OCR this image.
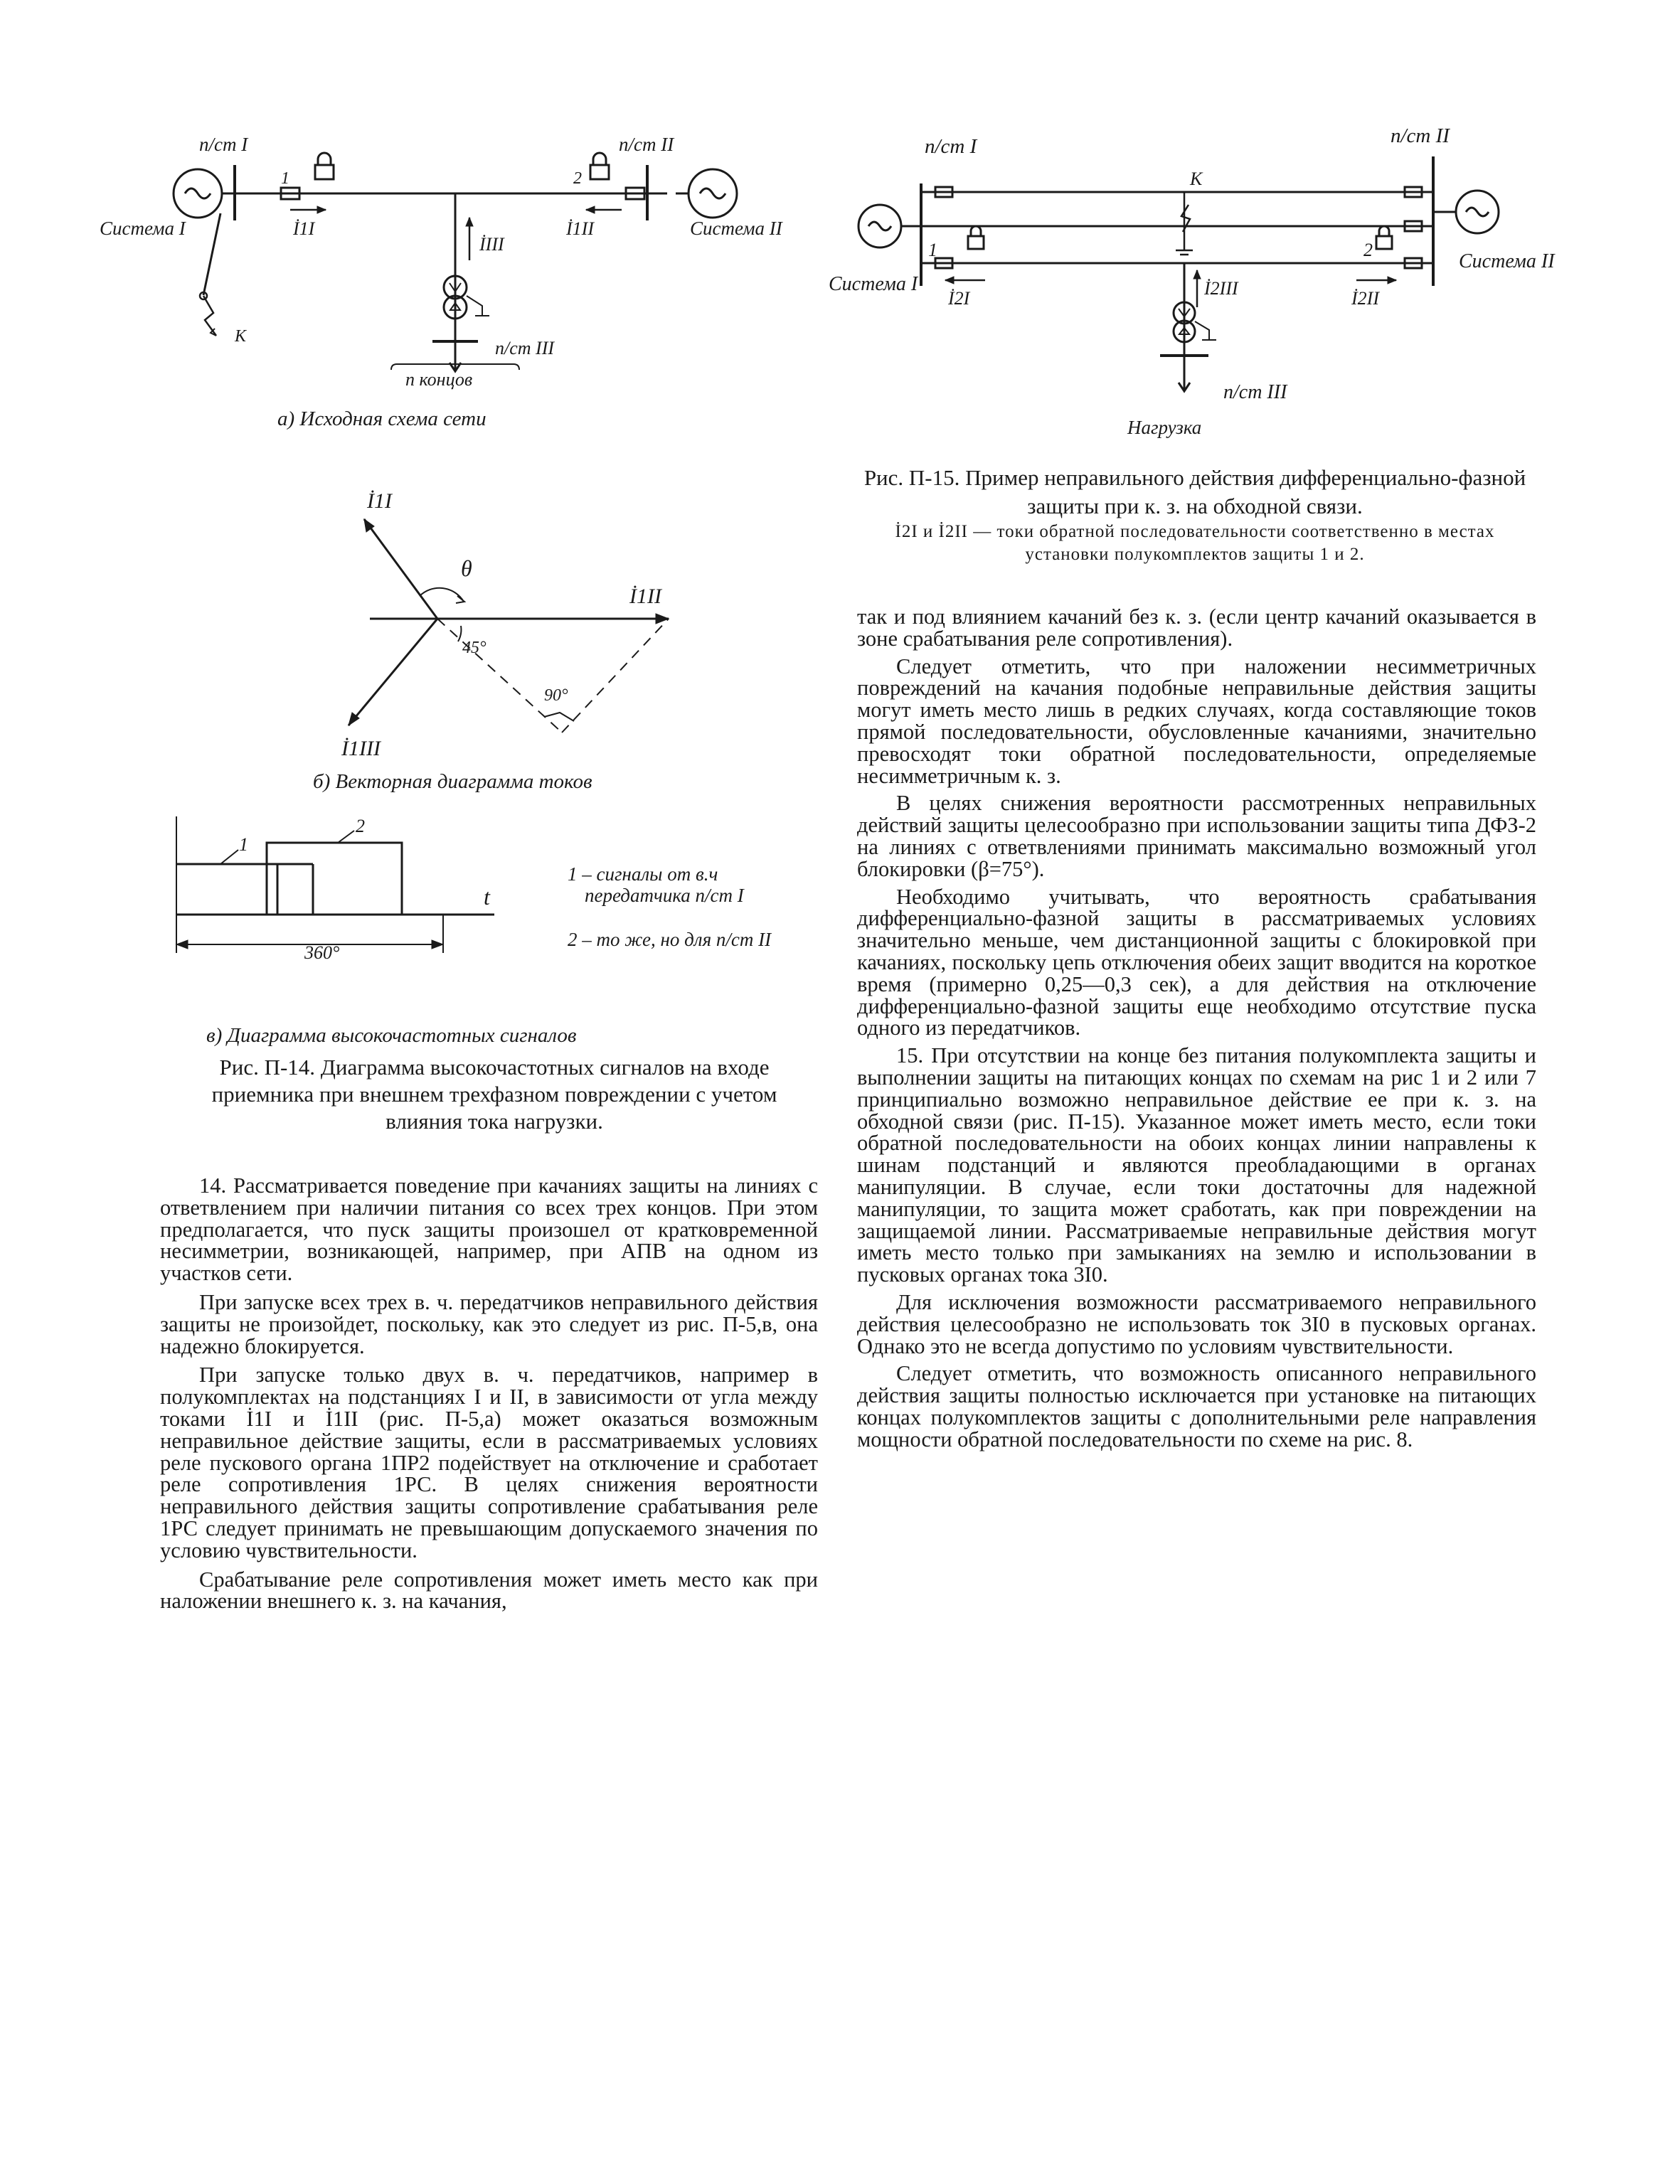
п/ст I	п/ст II
Система I	Система II
1	2
İ1I	İ1II
İIII
К
п/ст III
n концов
а) Исходная схема сети
İ1I
İ1II
İ1III
θ
45°
90°
б) Векторная диаграмма токов
1
2
t
360°
1 – сигналы от в.ч
передатчика п/ст I
2 – то же, но для п/ст II
в) Диаграмма высокочастотных сигналов

Рис. П-14. Диаграмма высокочастотных сигналов на входе приемника при внешнем трехфазном повреждении с учетом влияния тока нагрузки.

п/ст I	п/ст II
Система I
Система II
К
1	2
İ2I	İ2II
İ2III
п/ст III
Нагрузка
Рис. П-15. Пример неправильного действия дифференциально-фазной защиты при к. з. на обходной связи.
İ2I и İ2II — токи обратной последовательности соответственно в местах установки полукомплектов защиты 1 и 2.

14. Рассматривается поведение при качаниях защиты на линиях с ответвлением при наличии питания со всех трех концов. При этом предполагается, что пуск защиты произошел от кратковременной несимметрии, возникающей, например, при АПВ на одном из участков сети.

При запуске всех трех в. ч. передатчиков неправильного действия защиты не произойдет, поскольку, как это следует из рис. П-5,в, она надежно блокируется.

При запуске только двух в. ч. передатчиков, например в полукомплектах на подстанциях I и II, в зависимости от угла между токами İ1I и İ1II (рис. П-5,а) может оказаться возможным неправильное действие защиты, если в рассматриваемых условиях реле пускового органа 1ПР2 подействует на отключение и сработает реле сопротивления 1РС. В целях снижения вероятности неправильного действия защиты сопротивление срабатывания реле 1РС следует принимать не превышающим допускаемого значения по условию чувствительности.

Срабатывание реле сопротивления может иметь место как при наложении внешнего к. з. на качания,

так и под влиянием качаний без к. з. (если центр качаний оказывается в зоне срабатывания реле сопротивления).

Следует отметить, что при наложении несимметричных повреждений на качания подобные неправильные действия защиты могут иметь место лишь в редких случаях, когда составляющие токов прямой последовательности, обусловленные качаниями, значительно превосходят токи обратной последовательности, определяемые несимметричным к. з.

В целях снижения вероятности рассмотренных неправильных действий защиты целесообразно при использовании защиты типа ДФЗ-2 на линиях с ответвлениями принимать максимально возможный угол блокировки (β=75°).

Необходимо учитывать, что вероятность срабатывания дифференциально-фазной защиты в рассматриваемых условиях значительно меньше, чем дистанционной защиты с блокировкой при качаниях, поскольку цепь отключения обеих защит вводится на короткое время (примерно 0,25—0,3 сек), а для действия на отключение дифференциально-фазной защиты еще необходимо отсутствие пуска одного из передатчиков.

15. При отсутствии на конце без питания полукомплекта защиты и выполнении защиты на питающих концах по схемам на рис 1 и 2 или 7 принципиально возможно неправильное действие ее при к. з. на обходной связи (рис. П-15). Указанное может иметь место, если токи обратной последовательности на обоих концах линии направлены к шинам подстанций и являются преобладающими в органах манипуляции. В случае, если токи достаточны для надежной манипуляции, то защита может сработать, как при повреждении на защищаемой линии. Рассматриваемые неправильные действия могут иметь место только при замыканиях на землю и использовании в пусковых органах тока 3I0.

Для исключения возможности рассматриваемого неправильного действия целесообразно не использовать ток 3I0 в пусковых органах. Однако это не всегда допустимо по условиям чувствительности.

Следует отметить, что возможность описанного неправильного действия защиты полностью исключается при установке на питающих концах полукомплектов защиты с дополнительными реле направления мощности обратной последовательности по схеме на рис. 8.
